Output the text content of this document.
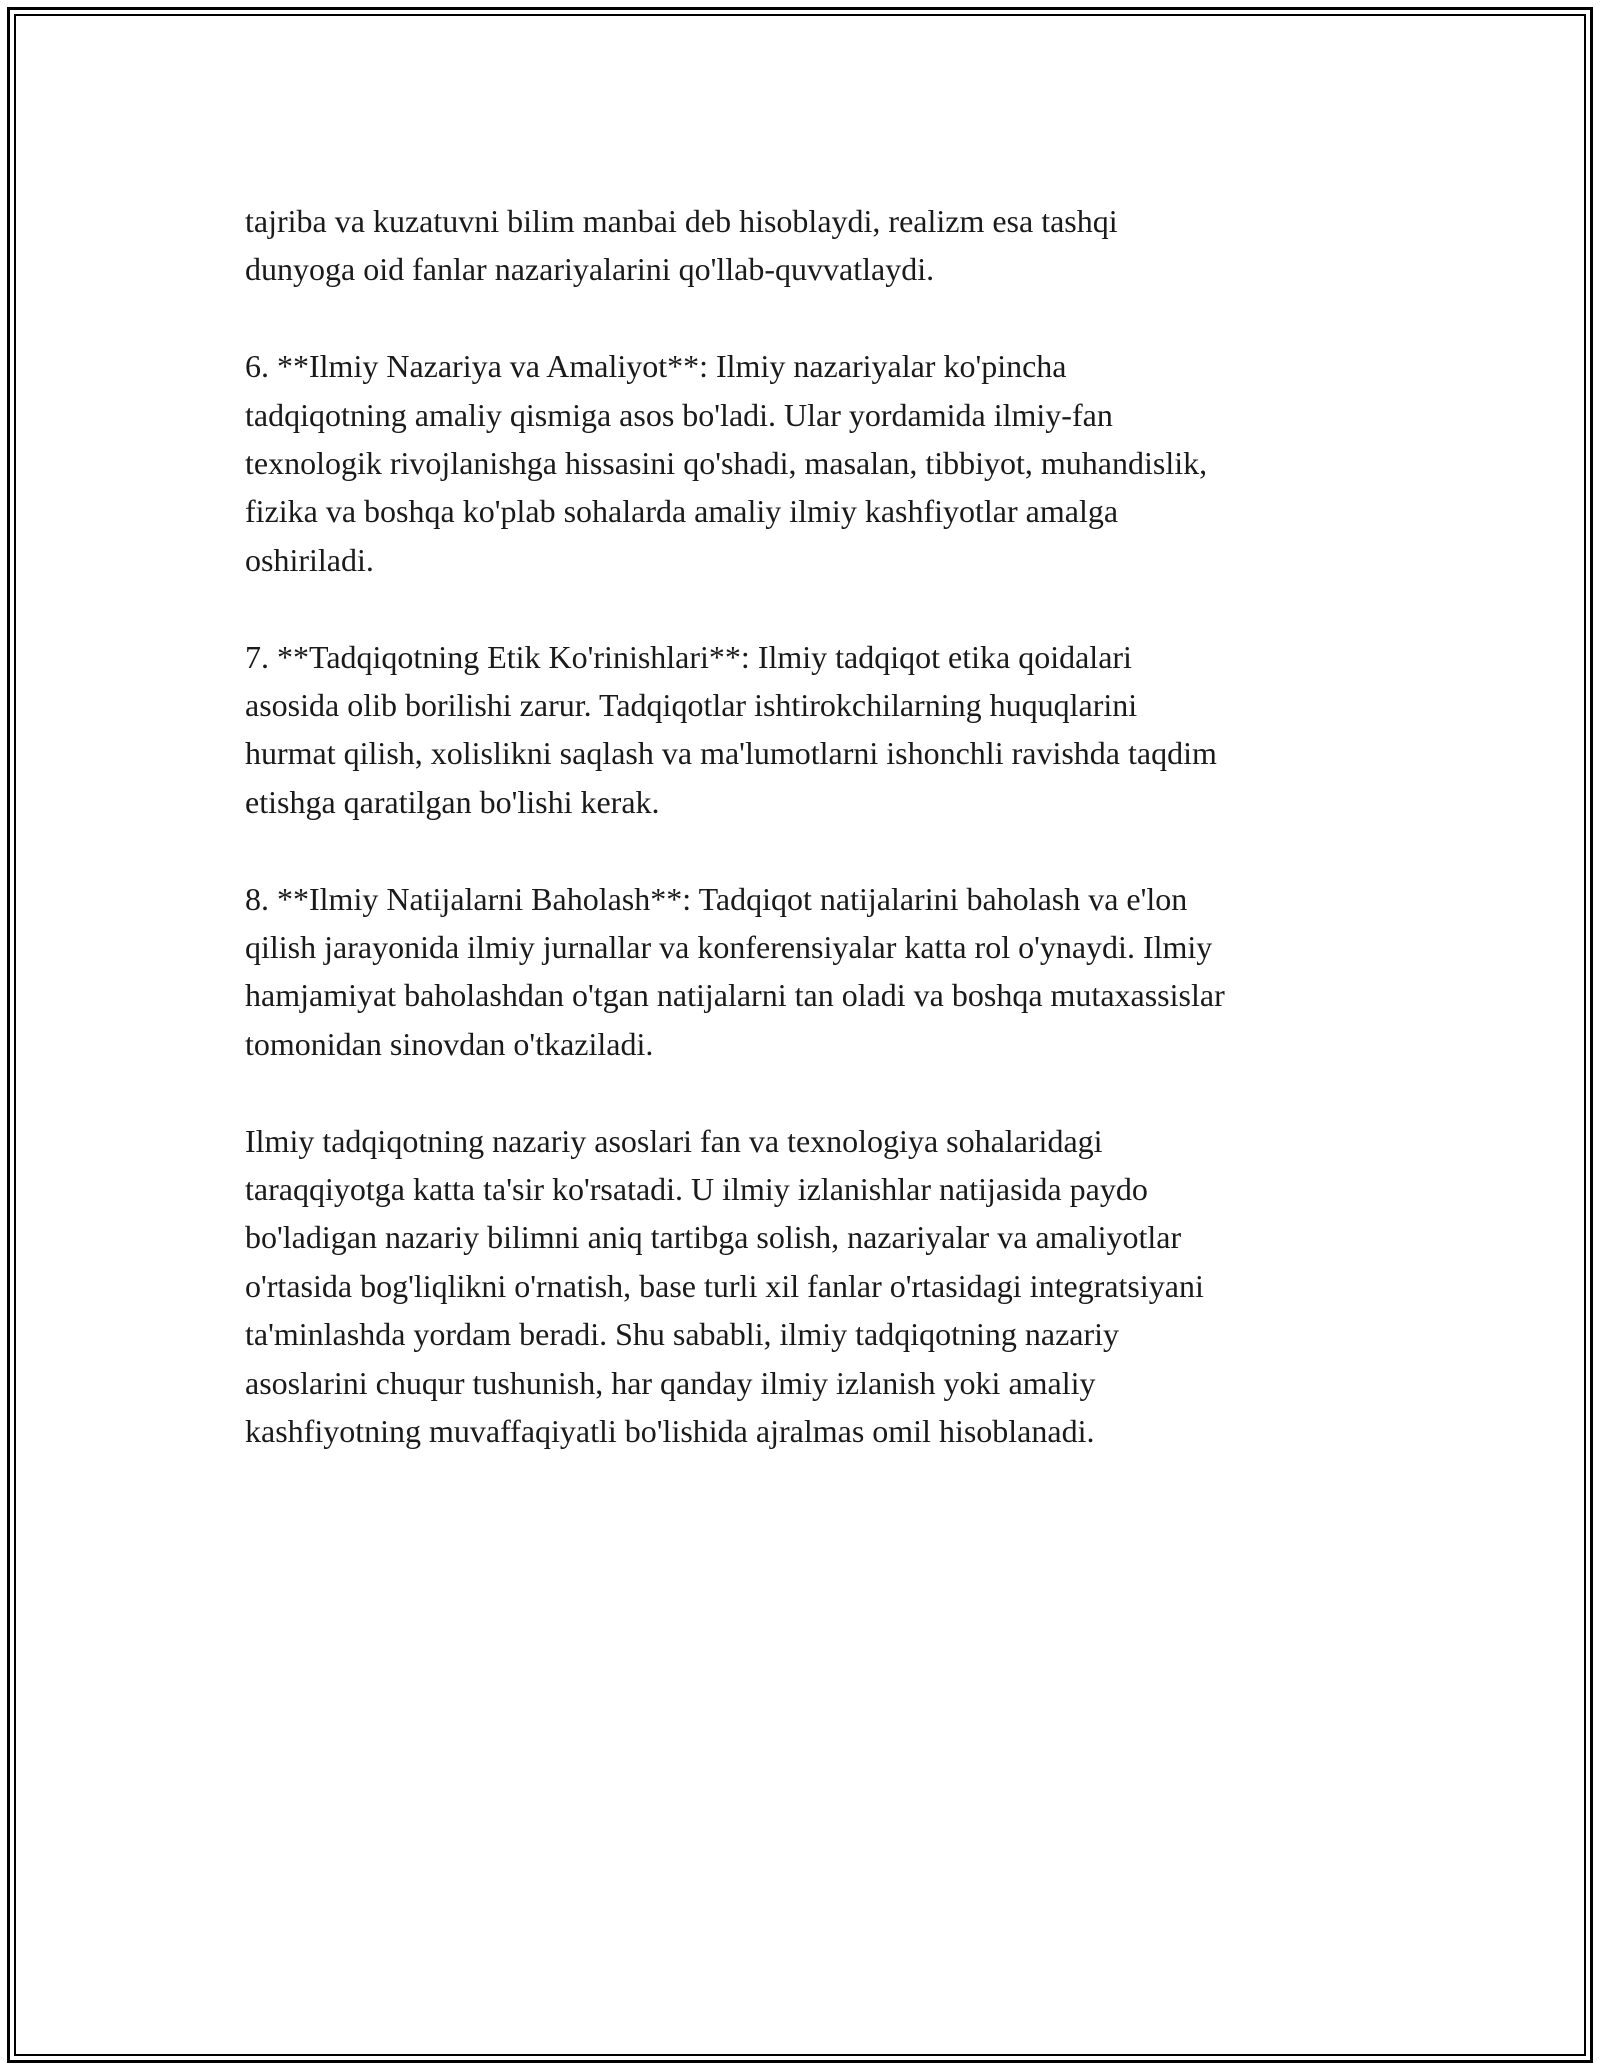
tajriba va kuzatuvni bilim manbai deb hisoblaydi, realizm esa tashqi
dunyoga oid fanlar nazariyalarini qo'llab-quvvatlaydi.

6. **Ilmiy Nazariya va Amaliyot**: Ilmiy nazariyalar ko'pincha
tadqiqotning amaliy qismiga asos bo'ladi. Ular yordamida ilmiy-fan
texnologik rivojlanishga hissasini qo'shadi, masalan, tibbiyot, muhandislik,
fizika va boshqa ko'plab sohalarda amaliy ilmiy kashfiyotlar amalga
oshiriladi.

7. **Tadqiqotning Etik Ko'rinishlari**: Ilmiy tadqiqot etika qoidalari
asosida olib borilishi zarur. Tadqiqotlar ishtirokchilarning huquqlarini
hurmat qilish, xolislikni saqlash va ma'lumotlarni ishonchli ravishda taqdim
etishga qaratilgan bo'lishi kerak.

8. **Ilmiy Natijalarni Baholash**: Tadqiqot natijalarini baholash va e'lon
qilish jarayonida ilmiy jurnallar va konferensiyalar katta rol o'ynaydi. Ilmiy
hamjamiyat baholashdan o'tgan natijalarni tan oladi va boshqa mutaxassislar
tomonidan sinovdan o'tkaziladi.

Ilmiy tadqiqotning nazariy asoslari fan va texnologiya sohalaridagi
taraqqiyotga katta ta'sir ko'rsatadi. U ilmiy izlanishlar natijasida paydo
bo'ladigan nazariy bilimni aniq tartibga solish, nazariyalar va amaliyotlar
o'rtasida bog'liqlikni o'rnatish, base turli xil fanlar o'rtasidagi integratsiyani
ta'minlashda yordam beradi. Shu sababli, ilmiy tadqiqotning nazariy
asoslarini chuqur tushunish, har qanday ilmiy izlanish yoki amaliy
kashfiyotning muvaffaqiyatli bo'lishida ajralmas omil hisoblanadi.
